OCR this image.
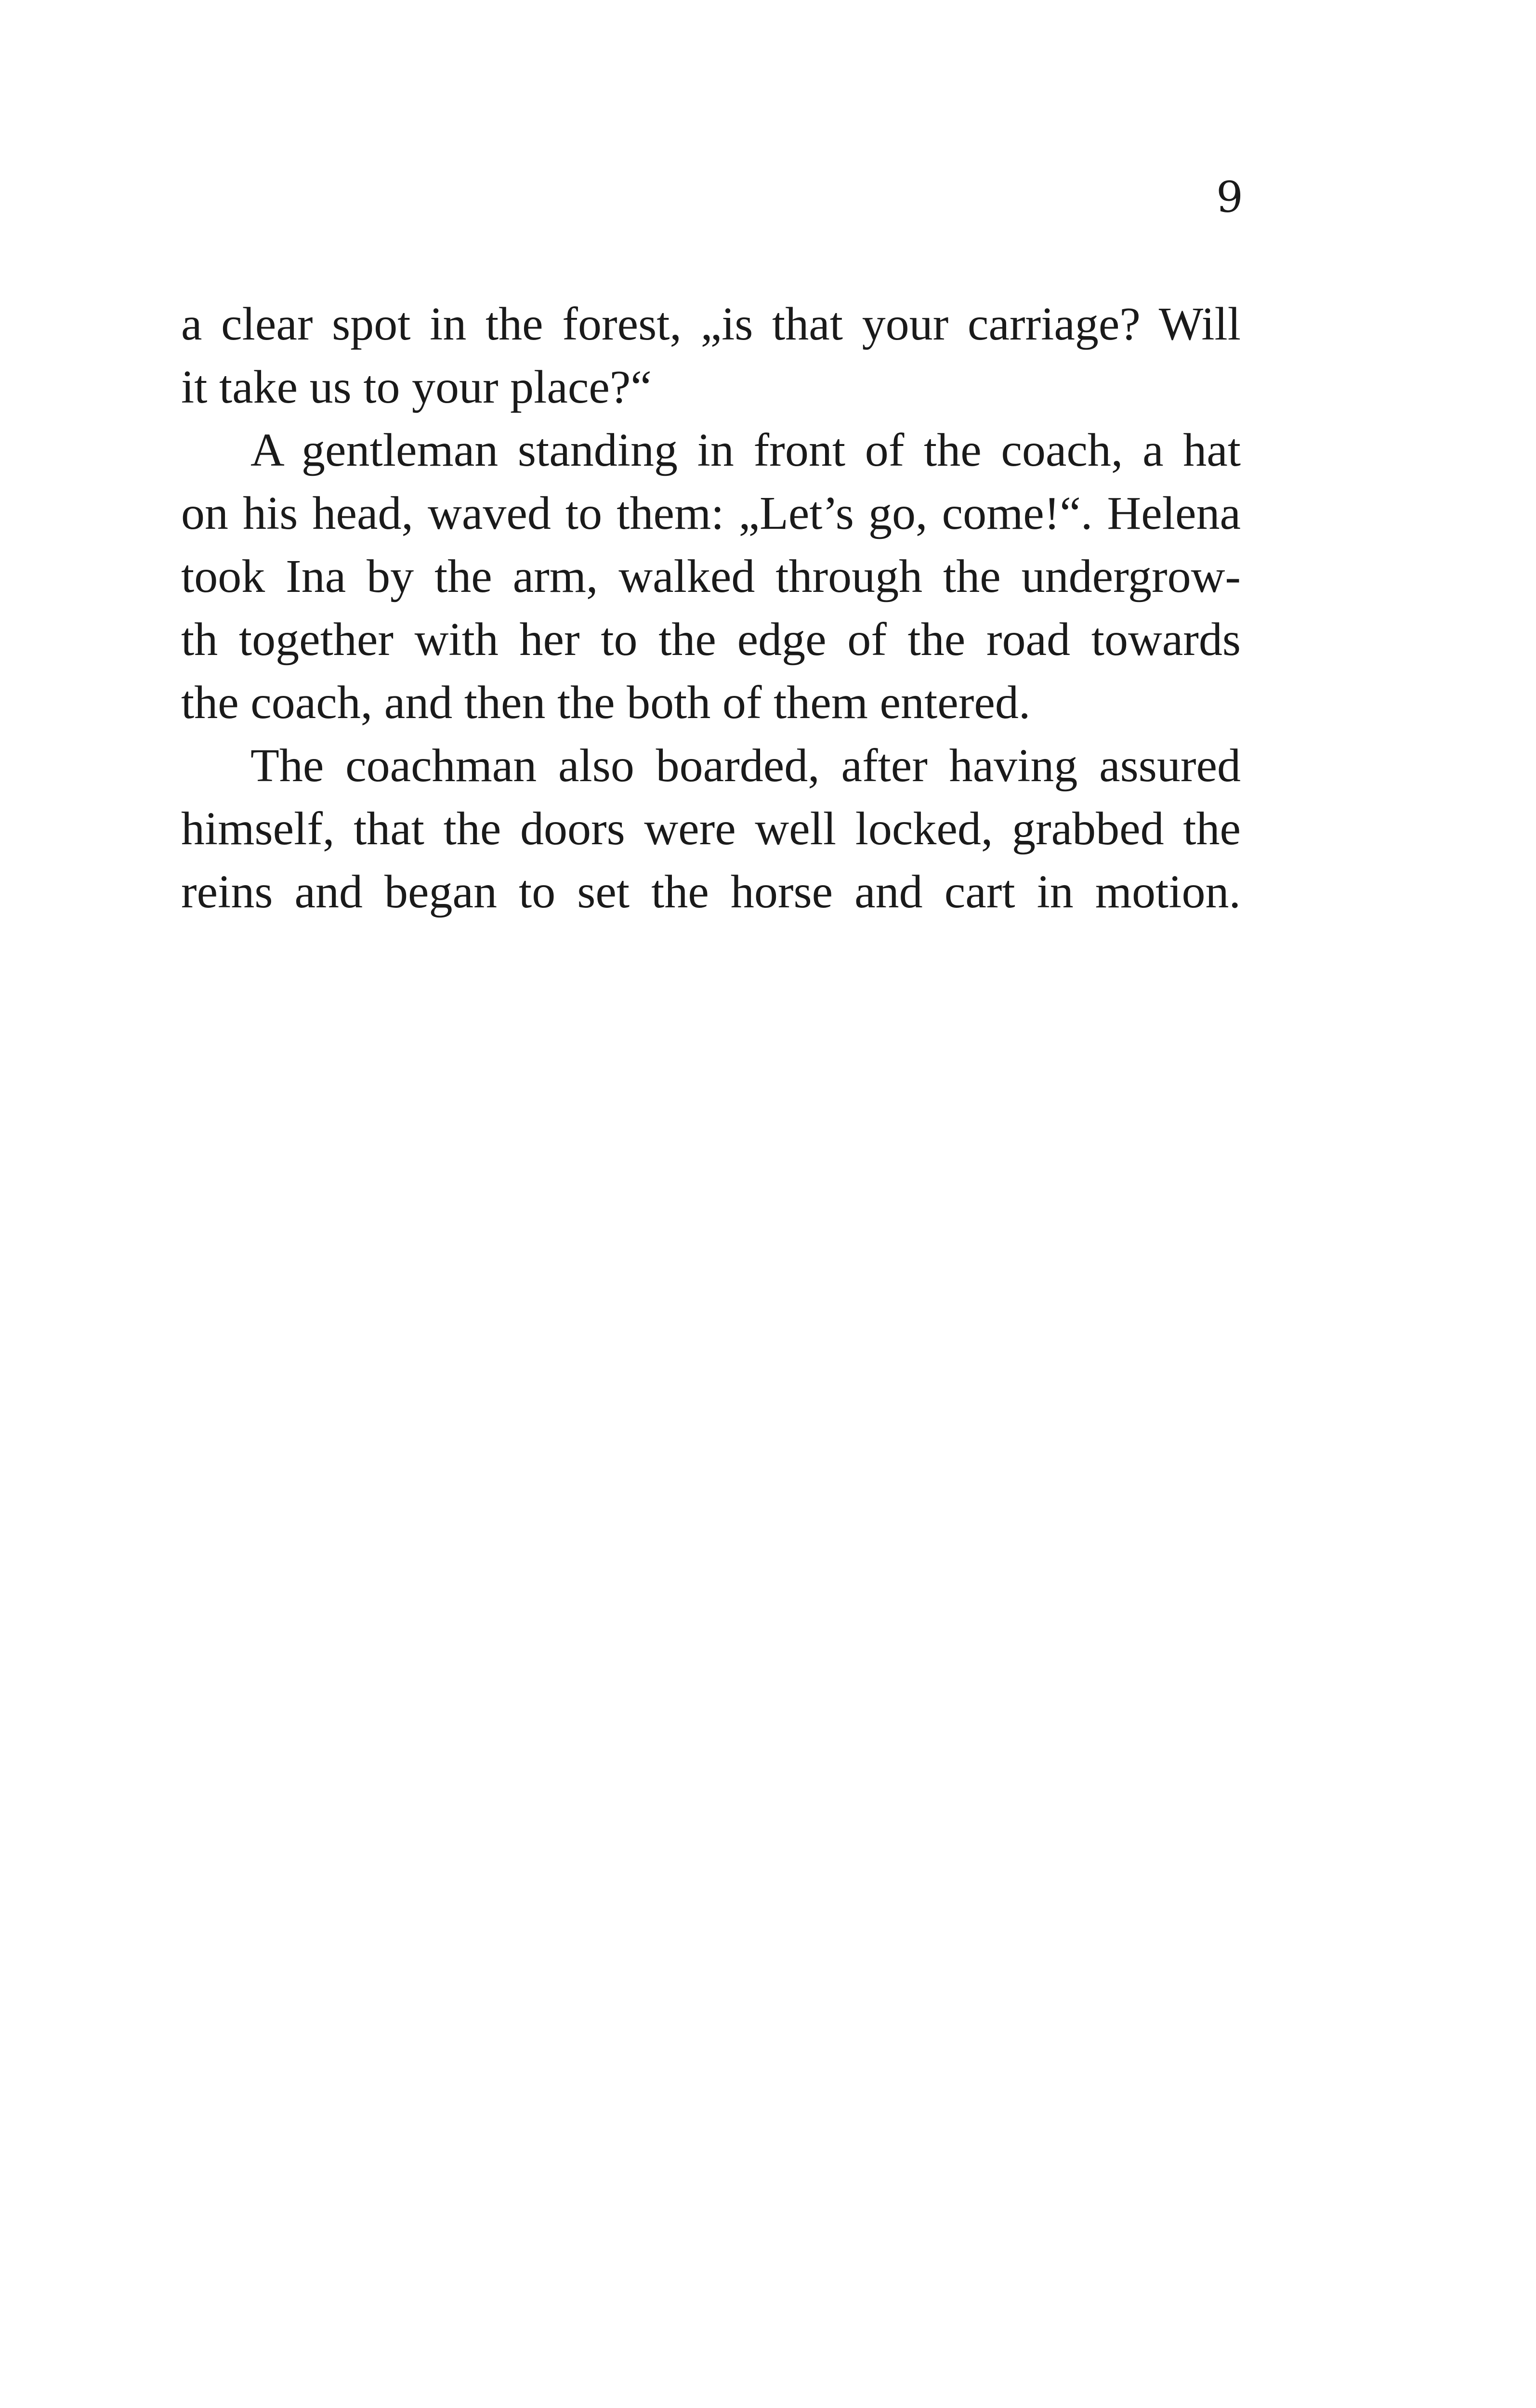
9
a clear spot in the forest, „is that your carriage? Will
it take us to your place?“
A gentleman standing in front of the coach, a hat
on his head, waved to them: „Let’s go, come!“. Helena
took Ina by the arm, walked through the undergrow-
th together with her to the edge of the road towards
the coach, and then the both of them entered.
The coachman also boarded, after having assured
himself, that the doors were well locked, grabbed the
reins and began to set the horse and cart in motion.
